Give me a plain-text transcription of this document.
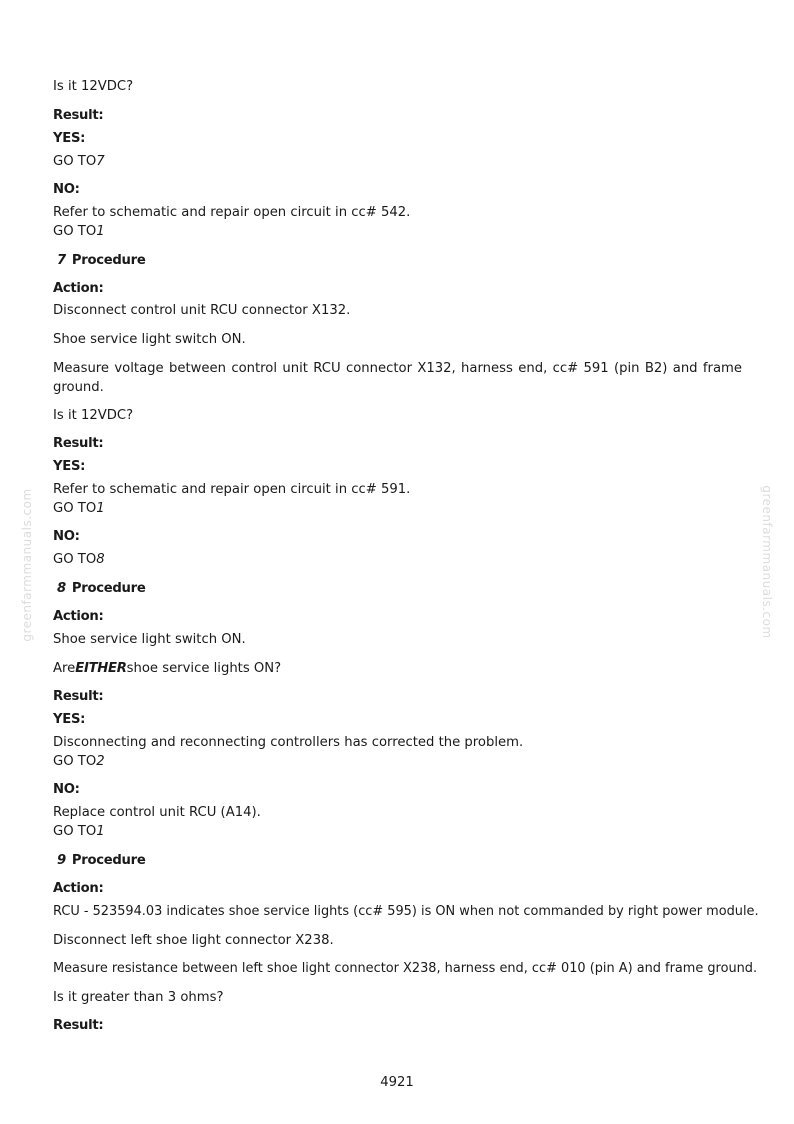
greenfarmmanuals.com	greenfarmmanuals.com
Is it 12VDC?
Result:
YES:
GO TO7
NO:
Refer to schematic and repair open circuit in cc# 542.
GO TO1
7 Procedure
Action:
Disconnect control unit RCU connector X132.
Shoe service light switch ON.
Measure voltage between control unit RCU connector X132, harness end, cc# 591 (pin B2) and frame ground.
Is it 12VDC?
Result:
YES:
Refer to schematic and repair open circuit in cc# 591.
GO TO1
NO:
GO TO8
8 Procedure
Action:
Shoe service light switch ON.
AreEITHERshoe service lights ON?
Result:
YES:
Disconnecting and reconnecting controllers has corrected the problem.
GO TO2
NO:
Replace control unit RCU (A14).
GO TO1
9 Procedure
Action:
RCU - 523594.03 indicates shoe service lights (cc# 595) is ON when not commanded by right power module.
Disconnect left shoe light connector X238.
Measure resistance between left shoe light connector X238, harness end, cc# 010 (pin A) and frame ground.
Is it greater than 3 ohms?
Result:
4921
